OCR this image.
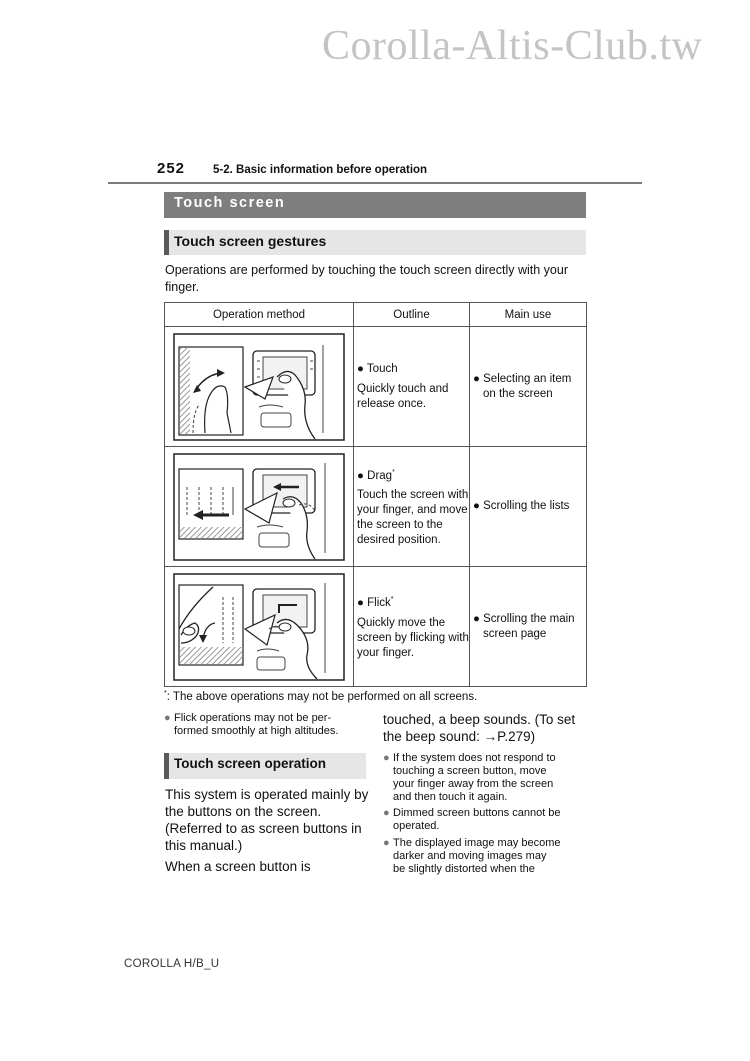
Corolla-Altis-Club.tw
252 5-2. Basic information before operation
Touch screen
Touch screen gestures
Operations are performed by touching the touch screen directly with your finger.
Operation method	Outline	Main use

● Touch
Quickly touch and release once.	● Selecting an item
on the screen

● Drag*
Touch the screen with your finger, and move the screen to the desired position.	● Scrolling the lists

● Flick*
Quickly move the screen by flicking with your finger.	● Scrolling the main
screen page
*: The above operations may not be performed on all screens.
● Flick operations may not be per-
formed smoothly at high altitudes.
Touch screen operation
This system is operated mainly by the buttons on the screen. (Referred to as screen buttons in this manual.)
When a screen button is
touched, a beep sounds. (To set the beep sound: →P.279)
● If the system does not respond to
touching a screen button, move
your finger away from the screen
and then touch it again.
● Dimmed screen buttons cannot be
operated.
● The displayed image may become
darker and moving images may
be slightly distorted when the
COROLLA H/B_U
